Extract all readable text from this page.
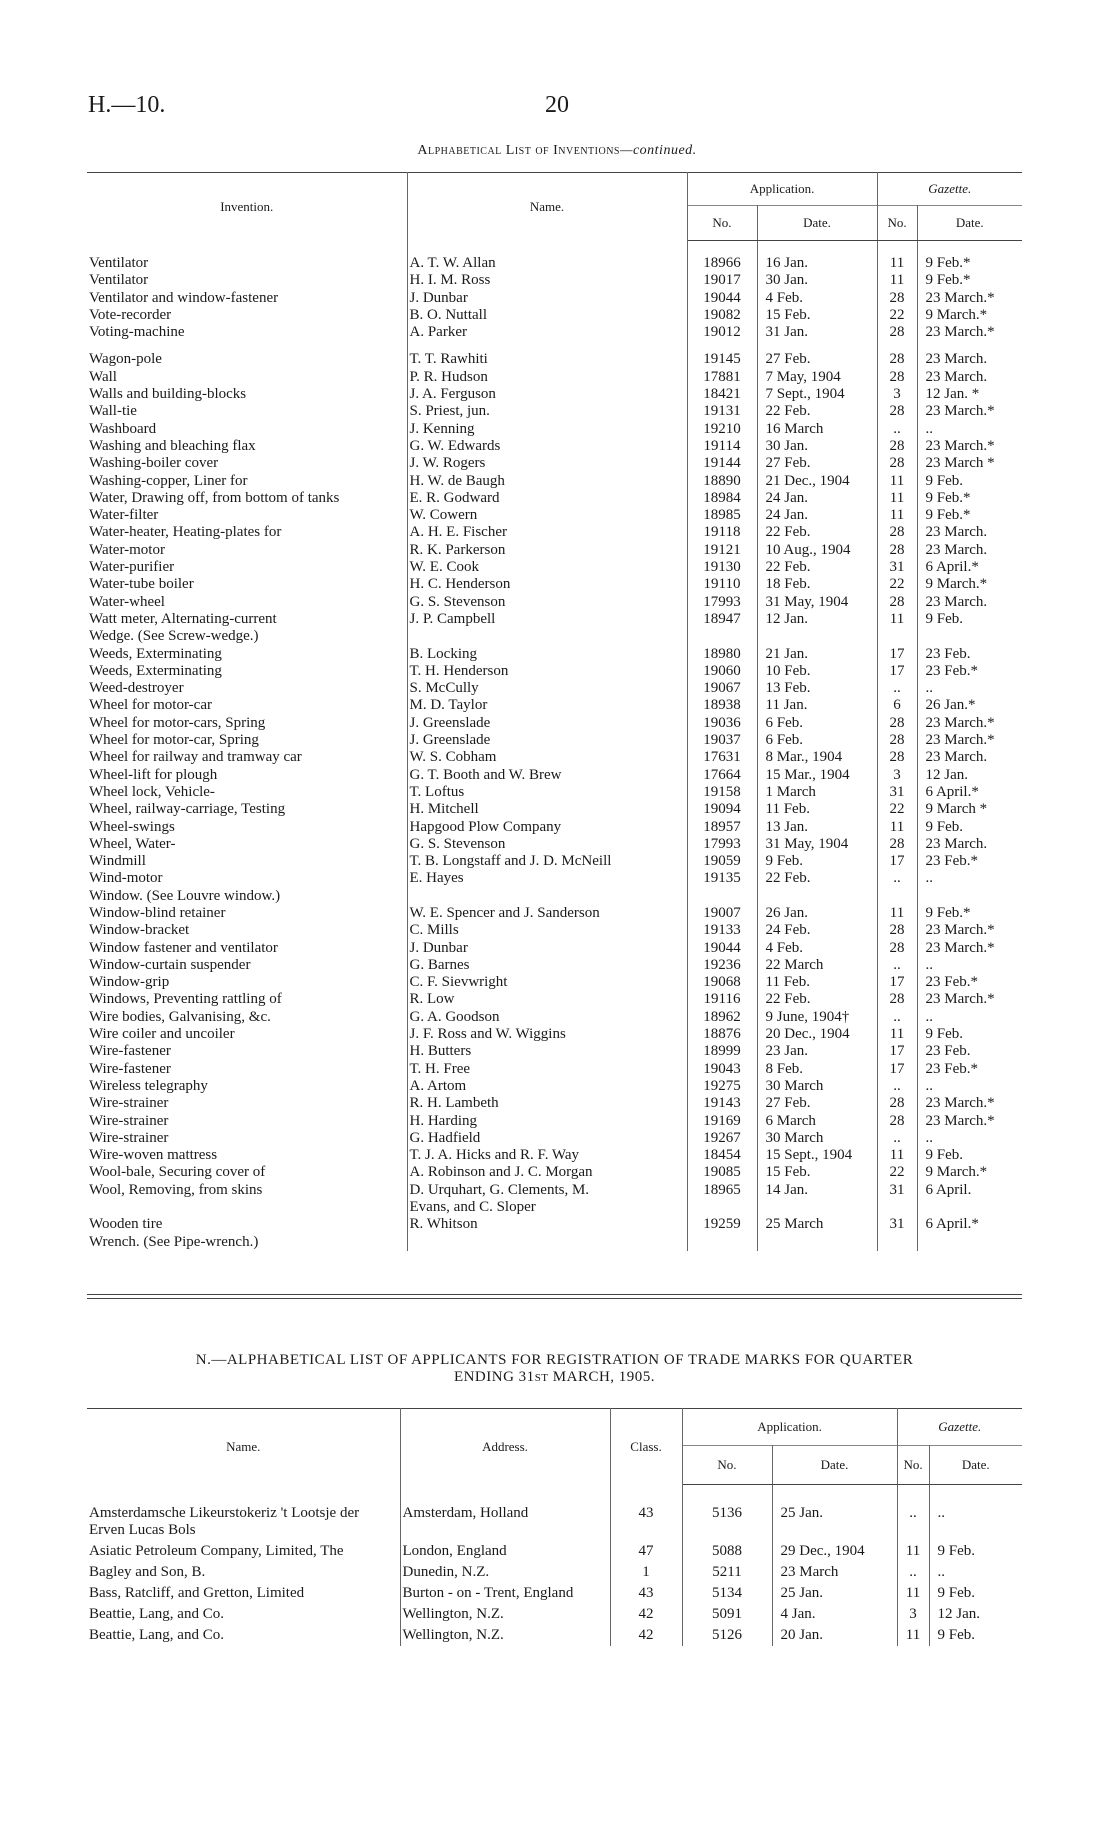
H.—10.	20
Alphabetical List of Inventions—continued.
Invention.	Name.	Application.		Gazette.	
		No.	Date.	No.	Date.
Ventilator	A. T. W. Allan	18966	16 Jan.	11	9 Feb.*
Ventilator	H. I. M. Ross	19017	30 Jan.	11	9 Feb.*
Ventilator and window-fastener	J. Dunbar	19044	4 Feb.	28	23 March.*
Vote-recorder	B. O. Nuttall	19082	15 Feb.	22	9 March.*
Voting-machine	A. Parker	19012	31 Jan.	28	23 March.*

Wagon-pole	T. T. Rawhiti	19145	27 Feb.	28	23 March.
Wall	P. R. Hudson	17881	7 May, 1904	28	23 March.
Walls and building-blocks	J. A. Ferguson	18421	7 Sept., 1904	3	12 Jan. *
Wall-tie	S. Priest, jun.	19131	22 Feb.	28	23 March.*
Washboard	J. Kenning	19210	16 March	..	..
Washing and bleaching flax	G. W. Edwards	19114	30 Jan.	28	23 March.*
Washing-boiler cover	J. W. Rogers	19144	27 Feb.	28	23 March *
Washing-copper, Liner for	H. W. de Baugh	18890	21 Dec., 1904	11	9 Feb.
Water, Drawing off, from bottom of tanks	E. R. Godward	18984	24 Jan.	11	9 Feb.*
Water-filter	W. Cowern	18985	24 Jan.	11	9 Feb.*
Water-heater, Heating-plates for	A. H. E. Fischer	19118	22 Feb.	28	23 March.
Water-motor	R. K. Parkerson	19121	10 Aug., 1904	28	23 March.
Water-purifier	W. E. Cook	19130	22 Feb.	31	6 April.*
Water-tube boiler	H. C. Henderson	19110	18 Feb.	22	9 March.*
Water-wheel	G. S. Stevenson	17993	31 May, 1904	28	23 March.
Watt meter, Alternating-current	J. P. Campbell	18947	12 Jan.	11	9 Feb.
Wedge. (See Screw-wedge.)					
Weeds, Exterminating	B. Locking	18980	21 Jan.	17	23 Feb.
Weeds, Exterminating	T. H. Henderson	19060	10 Feb.	17	23 Feb.*
Weed-destroyer	S. McCully	19067	13 Feb.	..	..
Wheel for motor-car	M. D. Taylor	18938	11 Jan.	6	26 Jan.*
Wheel for motor-cars, Spring	J. Greenslade	19036	6 Feb.	28	23 March.*
Wheel for motor-car, Spring	J. Greenslade	19037	6 Feb.	28	23 March.*
Wheel for railway and tramway car	W. S. Cobham	17631	8 Mar., 1904	28	23 March.
Wheel-lift for plough	G. T. Booth and W. Brew	17664	15 Mar., 1904	3	12 Jan.
Wheel lock, Vehicle-	T. Loftus	19158	1 March	31	6 April.*
Wheel, railway-carriage, Testing	H. Mitchell	19094	11 Feb.	22	9 March *
Wheel-swings	Hapgood Plow Company	18957	13 Jan.	11	9 Feb.
Wheel, Water-	G. S. Stevenson	17993	31 May, 1904	28	23 March.
Windmill	T. B. Longstaff and J. D. McNeill	19059	9 Feb.	17	23 Feb.*
Wind-motor	E. Hayes	19135	22 Feb.	..	..
Window. (See Louvre window.)					
Window-blind retainer	W. E. Spencer and J. Sanderson	19007	26 Jan.	11	9 Feb.*
Window-bracket	C. Mills	19133	24 Feb.	28	23 March.*
Window fastener and ventilator	J. Dunbar	19044	4 Feb.	28	23 March.*
Window-curtain suspender	G. Barnes	19236	22 March	..	..
Window-grip	C. F. Sievwright	19068	11 Feb.	17	23 Feb.*
Windows, Preventing rattling of	R. Low	19116	22 Feb.	28	23 March.*
Wire bodies, Galvanising, &c.	G. A. Goodson	18962	9 June, 1904†	..	..
Wire coiler and uncoiler	J. F. Ross and W. Wiggins	18876	20 Dec., 1904	11	9 Feb.
Wire-fastener	H. Butters	18999	23 Jan.	17	23 Feb.
Wire-fastener	T. H. Free	19043	8 Feb.	17	23 Feb.*
Wireless telegraphy	A. Artom	19275	30 March	..	..
Wire-strainer	R. H. Lambeth	19143	27 Feb.	28	23 March.*
Wire-strainer	H. Harding	19169	6 March	28	23 March.*
Wire-strainer	G. Hadfield	19267	30 March	..	..
Wire-woven mattress	T. J. A. Hicks and R. F. Way	18454	15 Sept., 1904	11	9 Feb.
Wool-bale, Securing cover of	A. Robinson and J. C. Morgan	19085	15 Feb.	22	9 March.*
Wool, Removing, from skins	D. Urquhart, G. Clements, M.	18965	14 Jan.	31	6 April.
	Evans, and C. Sloper				
Wooden tire	R. Whitson	19259	25 March	31	6 April.*
Wrench. (See Pipe-wrench.)					
N.—ALPHABETICAL LIST OF APPLICANTS FOR REGISTRATION OF TRADE MARKS FOR QUARTER
ENDING 31ST MARCH, 1905.
Name.	Address.	Class.	Application.		Gazette.	
			No.	Date.	No.	Date.
Amsterdamsche Likeurstokeriz 't Lootsje der Erven Lucas Bols	Amsterdam, Holland	43	5136	25 Jan.	..	..
Asiatic Petroleum Company, Limited, The	London, England	47	5088	29 Dec., 1904	11	9 Feb.
Bagley and Son, B.	Dunedin, N.Z.	1	5211	23 March	..	..
Bass, Ratcliff, and Gretton, Limited	Burton - on - Trent, England	43	5134	25 Jan.	11	9 Feb.
Beattie, Lang, and Co.	Wellington, N.Z.	42	5091	4 Jan.	3	12 Jan.
Beattie, Lang, and Co.	Wellington, N.Z.	42	5126	20 Jan.	11	9 Feb.
